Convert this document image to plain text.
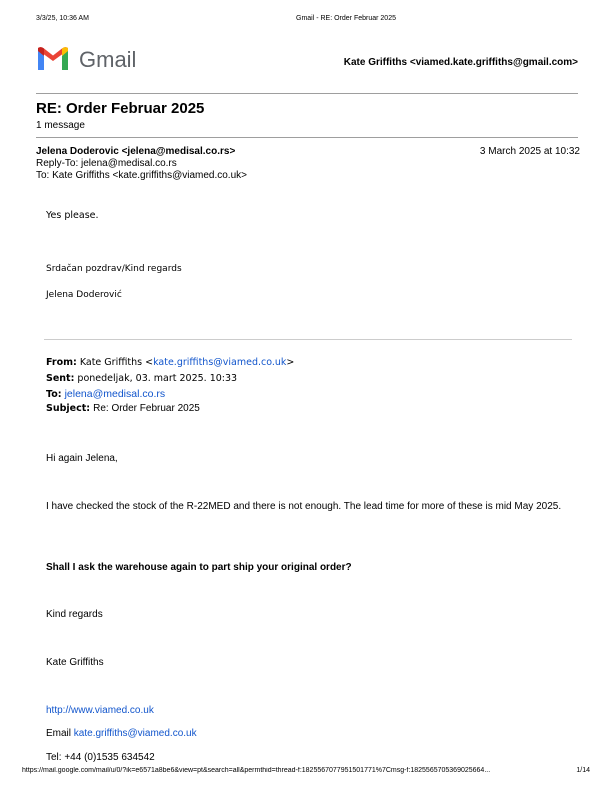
3/3/25, 10:36 AM	Gmail - RE: Order Februar 2025
Gmail	Kate Griffiths <viamed.kate.griffiths@gmail.com>
RE: Order Februar 2025
1 message
Jelena Doderovic <jelena@medisal.co.rs>	3 March 2025 at 10:32
Reply-To: jelena@medisal.co.rs
To: Kate Griffiths <kate.griffiths@viamed.co.uk>
Yes please.
Srdačan pozdrav/Kind regards
Jelena Doderović
From: Kate Griffiths <kate.griffiths@viamed.co.uk>
Sent: ponedeljak, 03. mart 2025. 10:33
To: jelena@medisal.co.rs
Subject: Re: Order Februar 2025
Hi again Jelena,
I have checked the stock of the R-22MED and there is not enough. The lead time for more of these is mid May 2025.
Shall I ask the warehouse again to part ship your original order?
Kind regards
Kate Griffiths
http://www.viamed.co.uk
Email kate.griffiths@viamed.co.uk
Tel: +44 (0)1535 634542
https://mail.google.com/mail/u/0/?ik=e6571a8be6&view=pt&search=all&permthid=thread-f:1825567077951501771%7Cmsg-f:1825565705369025664...	1/14
